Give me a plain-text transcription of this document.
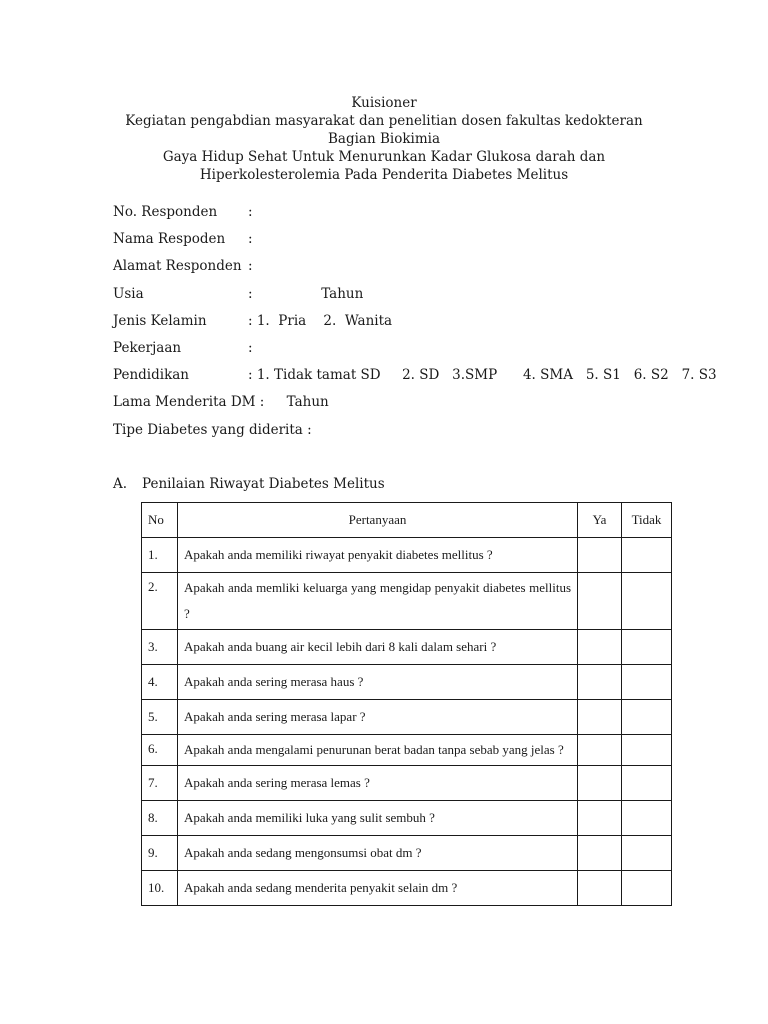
Kuisioner
Kegiatan pengabdian masyarakat dan penelitian dosen fakultas kedokteran
Bagian Biokimia
Gaya Hidup Sehat Untuk Menurunkan Kadar Glukosa darah dan
Hiperkolesterolemia Pada Penderita Diabetes Melitus
No. Responden :
Nama Respoden :
Alamat Responden :
Usia	:                Tahun
Jenis Kelamin	: 1.  Pria    2.  Wanita
Pekerjaan	:
Pendidikan	: 1. Tidak tamat SD     2. SD   3.SMP      4. SMA   5. S1   6. S2   7. S3
Lama Menderita DM :
Tahun
Tipe Diabetes yang diderita :
A. Penilaian Riwayat Diabetes Melitus
No	Pertanyaan	Ya	Tidak
1.	Apakah anda memiliki riwayat penyakit diabetes mellitus ?		
2.	Apakah anda memliki keluarga yang mengidap penyakit diabetes mellitus ?		
3.	Apakah anda buang air kecil lebih dari 8 kali dalam sehari ?		
4.	Apakah anda sering merasa haus ?		
5.	Apakah anda sering merasa lapar ?		
6.	Apakah anda mengalami penurunan berat badan tanpa sebab yang jelas ?		
7.	Apakah anda sering merasa lemas ?		
8.	Apakah anda memiliki luka yang sulit sembuh ?		
9.	Apakah anda sedang mengonsumsi obat dm ?		
10.	Apakah anda sedang menderita penyakit selain dm ?		
